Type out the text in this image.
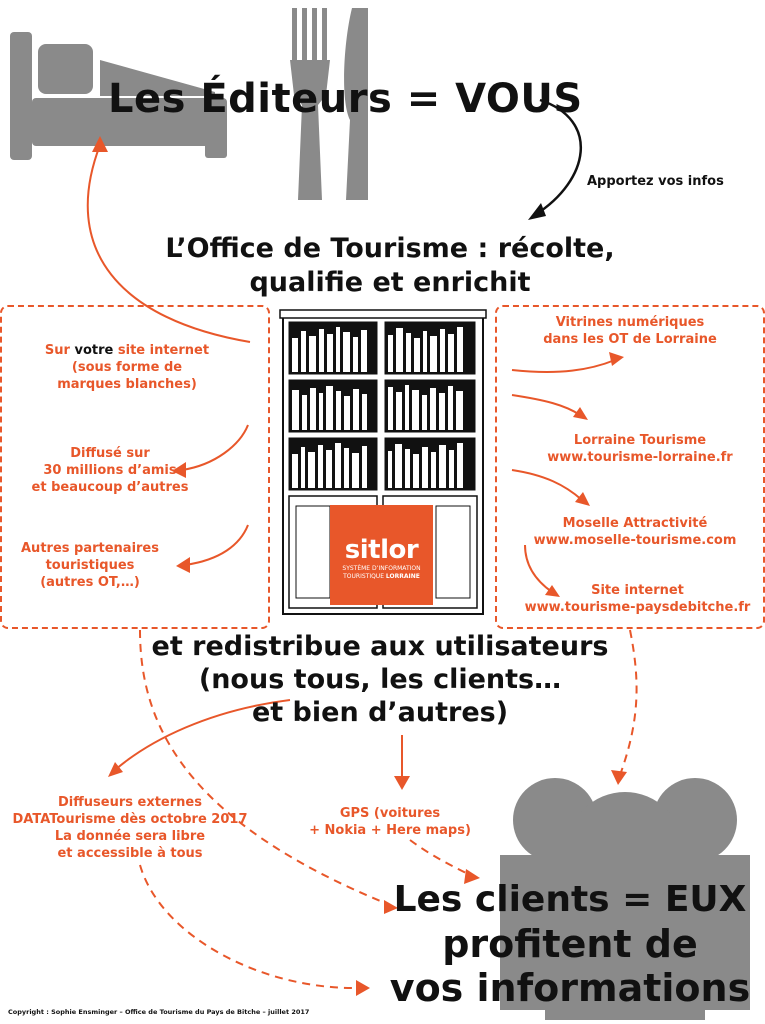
Les Éditeurs = VOUS
Apportez vos infos
L’Office de Tourisme : récolte,
qualifie et enrichit
Sur votre site internet
(sous forme de
marques blanches)
Diffusé sur
30 millions d’amis
et beaucoup d’autres
Autres partenaires
touristiques
(autres OT,…)
Vitrines numériques
dans les OT de Lorraine
Lorraine Tourisme
www.tourisme-lorraine.fr
Moselle Attractivité
www.moselle-tourisme.com
Site internet
www.tourisme-paysdebitche.fr
sitlor
SYSTÈME D’INFORMATION
TOURISTIQUE LORRAINE
et redistribue aux utilisateurs
(nous tous, les clients…
et bien d’autres)
Diffuseurs externes
DATATourisme dès octobre 2017
La donnée sera libre
et accessible à tous
GPS (voitures
+ Nokia + Here maps)
Les clients = EUX
profitent de
vos informations
Copyright : Sophie Ensminger – Office de Tourisme du Pays de Bitche – juillet 2017
